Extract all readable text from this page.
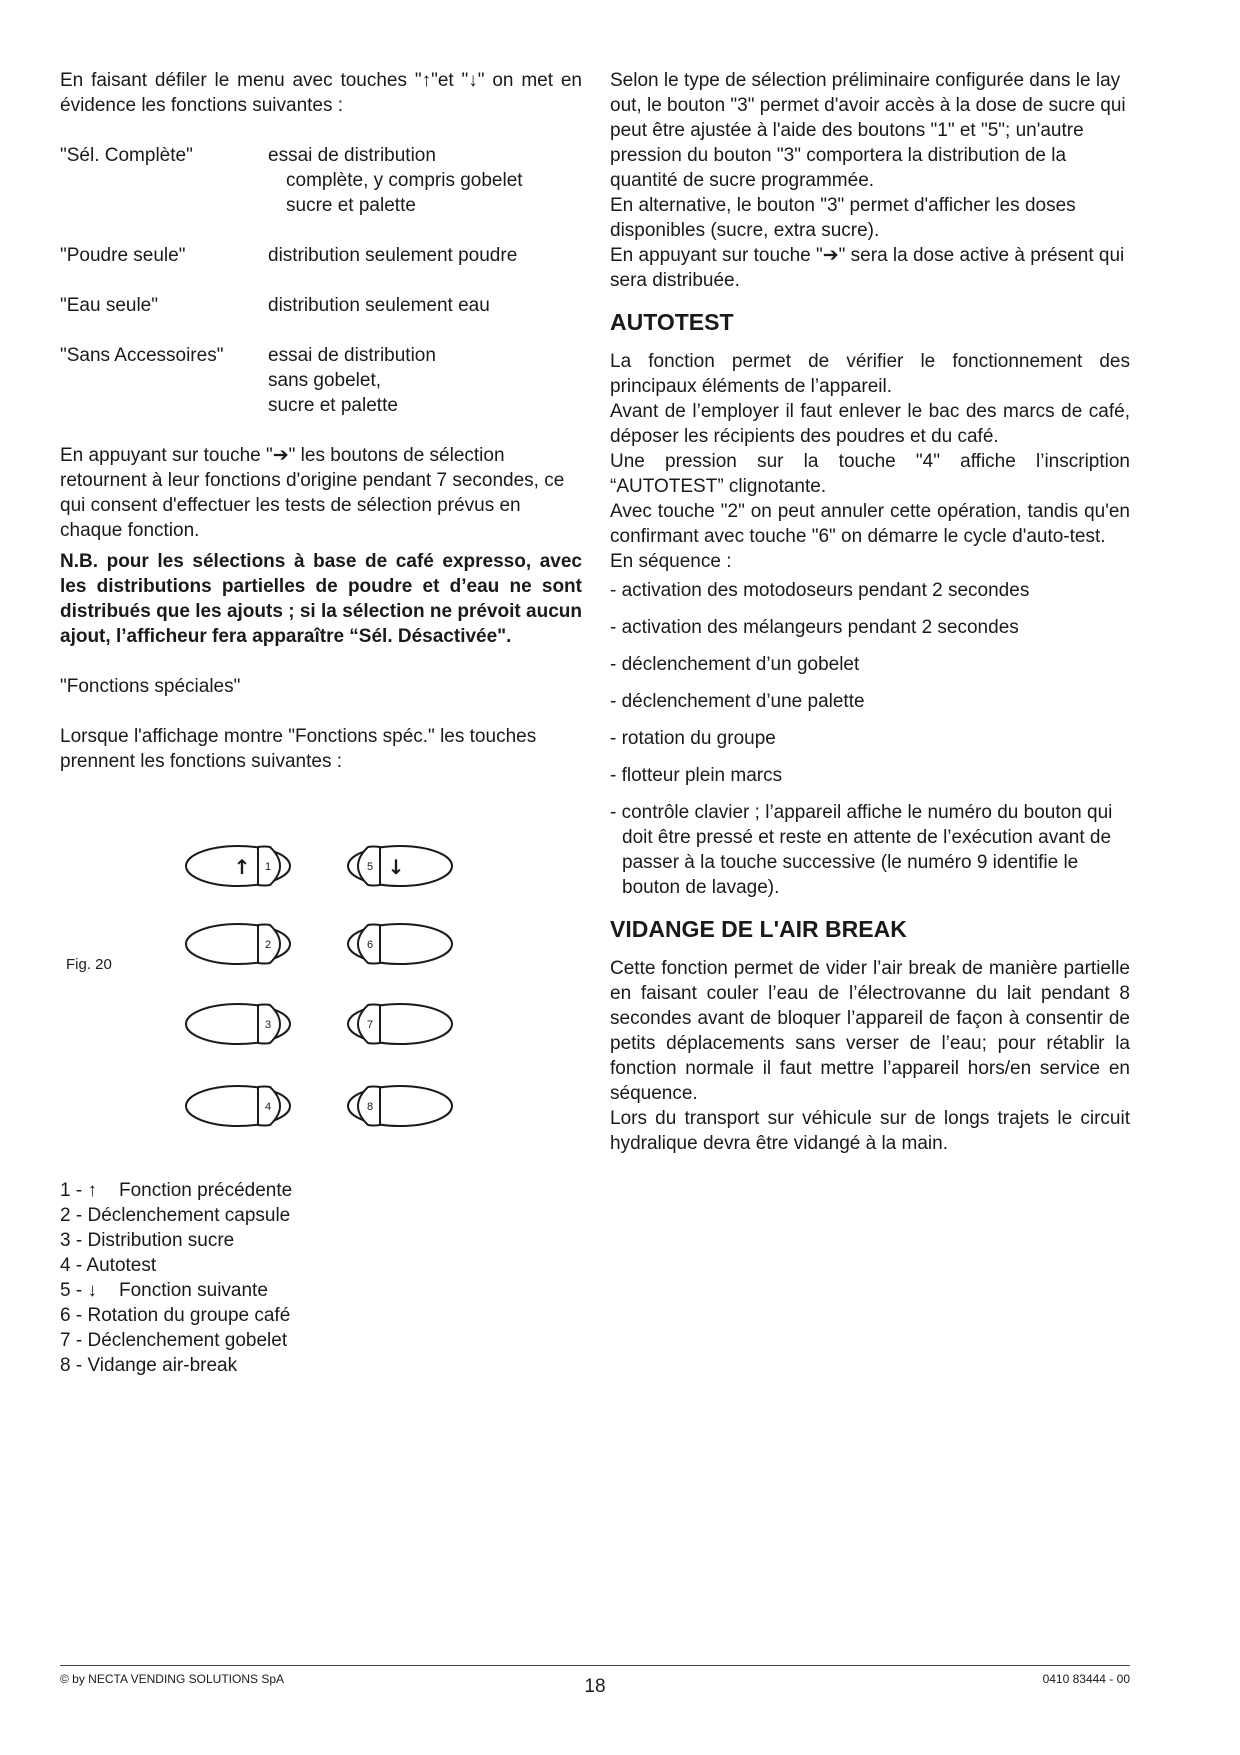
En faisant défiler le menu avec touches "↑"et "↓" on met en évidence les fonctions suivantes :

"Sél. Complète"	essai de distribution
complète, y compris gobelet
sucre et palette
"Poudre seule"	distribution seulement poudre
"Eau seule"	distribution seulement eau
"Sans Accessoires"	essai de distribution
sans gobelet,
sucre et palette

En appuyant sur touche "➔" les boutons de sélection retournent à leur fonctions d'origine pendant 7 secondes, ce qui consent d'effectuer les tests de sélection prévus en chaque fonction.

N.B. pour les sélections à base de café expresso, avec les distributions partielles de poudre et d’eau ne sont distribués que les ajouts ; si la sélection ne prévoit aucun ajout, l’afficheur fera apparaître “Sél. Désactivée".

"Fonctions spéciales"

Lorsque l'affichage montre "Fonctions spéc." les touches prennent les fonctions suivantes :

Fig. 20
1
2
3
4
5
6
7
8
↑	↓
1 - ↑ Fonction précédente
2 - Déclenchement capsule
3 - Distribution sucre
4 - Autotest
5 - ↓ Fonction suivante
6 - Rotation du groupe café
7 - Déclenchement gobelet
8 - Vidange air-break

Selon le type de sélection préliminaire configurée dans le lay out, le bouton "3" permet d'avoir accès à la dose de sucre qui peut être ajustée à l'aide des boutons "1" et "5"; un'autre pression du bouton "3" comportera la distribution de la quantité de sucre programmée.

En alternative, le bouton "3" permet d'afficher les doses disponibles (sucre, extra sucre).

En appuyant sur touche "➔" sera la dose active à présent qui sera distribuée.

AUTOTEST

La fonction permet de vérifier le fonctionnement des principaux éléments de l’appareil.

Avant de l’employer il faut enlever le bac des marcs de café, déposer les récipients des poudres et du café.

Une pression sur la touche "4" affiche l’inscription “AUTOTEST” clignotante.

Avec touche "2" on peut annuler cette opération, tandis qu'en confirmant avec touche "6" on démarre le cycle d'auto-test.

En séquence :

- activation des motodoseurs pendant 2 secondes

- activation des mélangeurs pendant 2 secondes

- déclenchement d’un gobelet

- déclenchement d’une palette

- rotation du groupe

- flotteur plein marcs

- contrôle clavier ; l’appareil affiche le numéro du bouton qui doit être pressé et reste en attente de l’exécution avant de passer à la touche successive (le numéro 9 identifie le bouton de lavage).

VIDANGE DE L'AIR BREAK

Cette fonction permet de vider l’air break de manière partielle en faisant couler l’eau de l’électrovanne du lait pendant 8 secondes avant de bloquer l’appareil de façon à consentir de petits déplacements sans verser de l’eau; pour rétablir la fonction normale il faut mettre l’appareil hors/en service en séquence.

Lors du transport sur véhicule sur de longs trajets le circuit hydralique devra être vidangé à la main.

© by NECTA VENDING SOLUTIONS SpA	18	0410 83444 - 00
